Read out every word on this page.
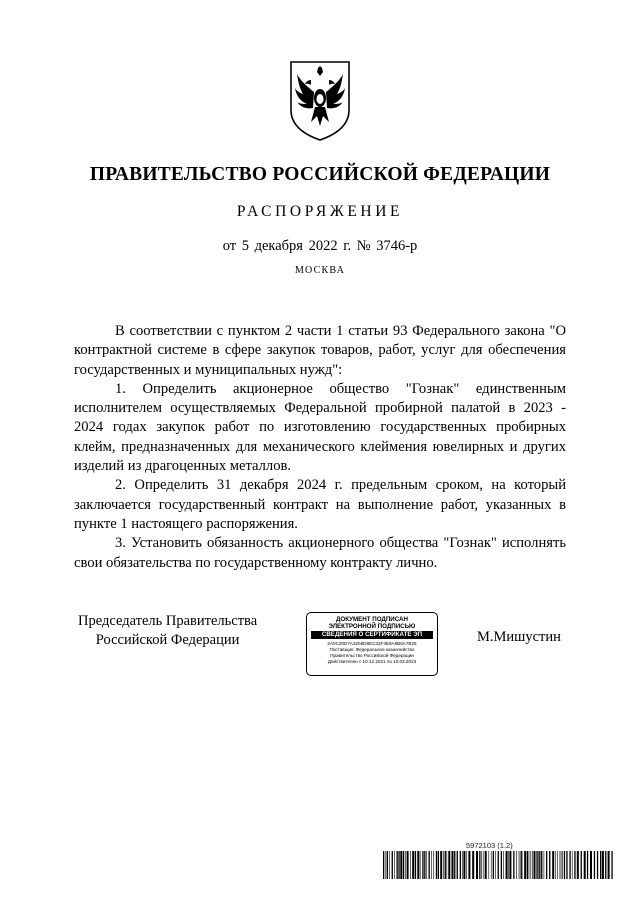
ПРАВИТЕЛЬСТВО РОССИЙСКОЙ ФЕДЕРАЦИИ
РАСПОРЯЖЕНИЕ
от 5 декабря 2022 г. № 3746-р
МОСКВА

В соответствии с пунктом 2 части 1 статьи 93 Федерального закона "О контрактной системе в сфере закупок товаров, работ, услуг для обеспечения государственных и муниципальных нужд":

1. Определить акционерное общество "Гознак" единственным исполнителем осуществляемых Федеральной пробирной палатой в 2023 - 2024 годах закупок работ по изготовлению государственных пробирных клейм, предназначенных для механического клеймения ювелирных и других изделий из драгоценных металлов.

2. Определить 31 декабря 2024 г. предельным сроком, на который заключается государственный контракт на выполнение работ, указанных в пункте 1 настоящего распоряжения.

3. Установить обязанность акционерного общества "Гознак" исполнять свои обязательства по государственному контракту лично.

Председатель Правительства
Российской Федерации
ДОКУМЕНТ ПОДПИСАН
ЭЛЕКТРОННОЙ ПОДПИСЬЮ
СВЕДЕНИЯ О СЕРТИФИКАТЕ ЭП
2A0C20D7A3258D8EC32F4E9A8B6A7B25
Поставщик: Федеральное казначейство
Правительство Российской Федерации
Действителен с 10.12.2021 по 10.03.2023
М.Мишустин
5972103 (1.2)
